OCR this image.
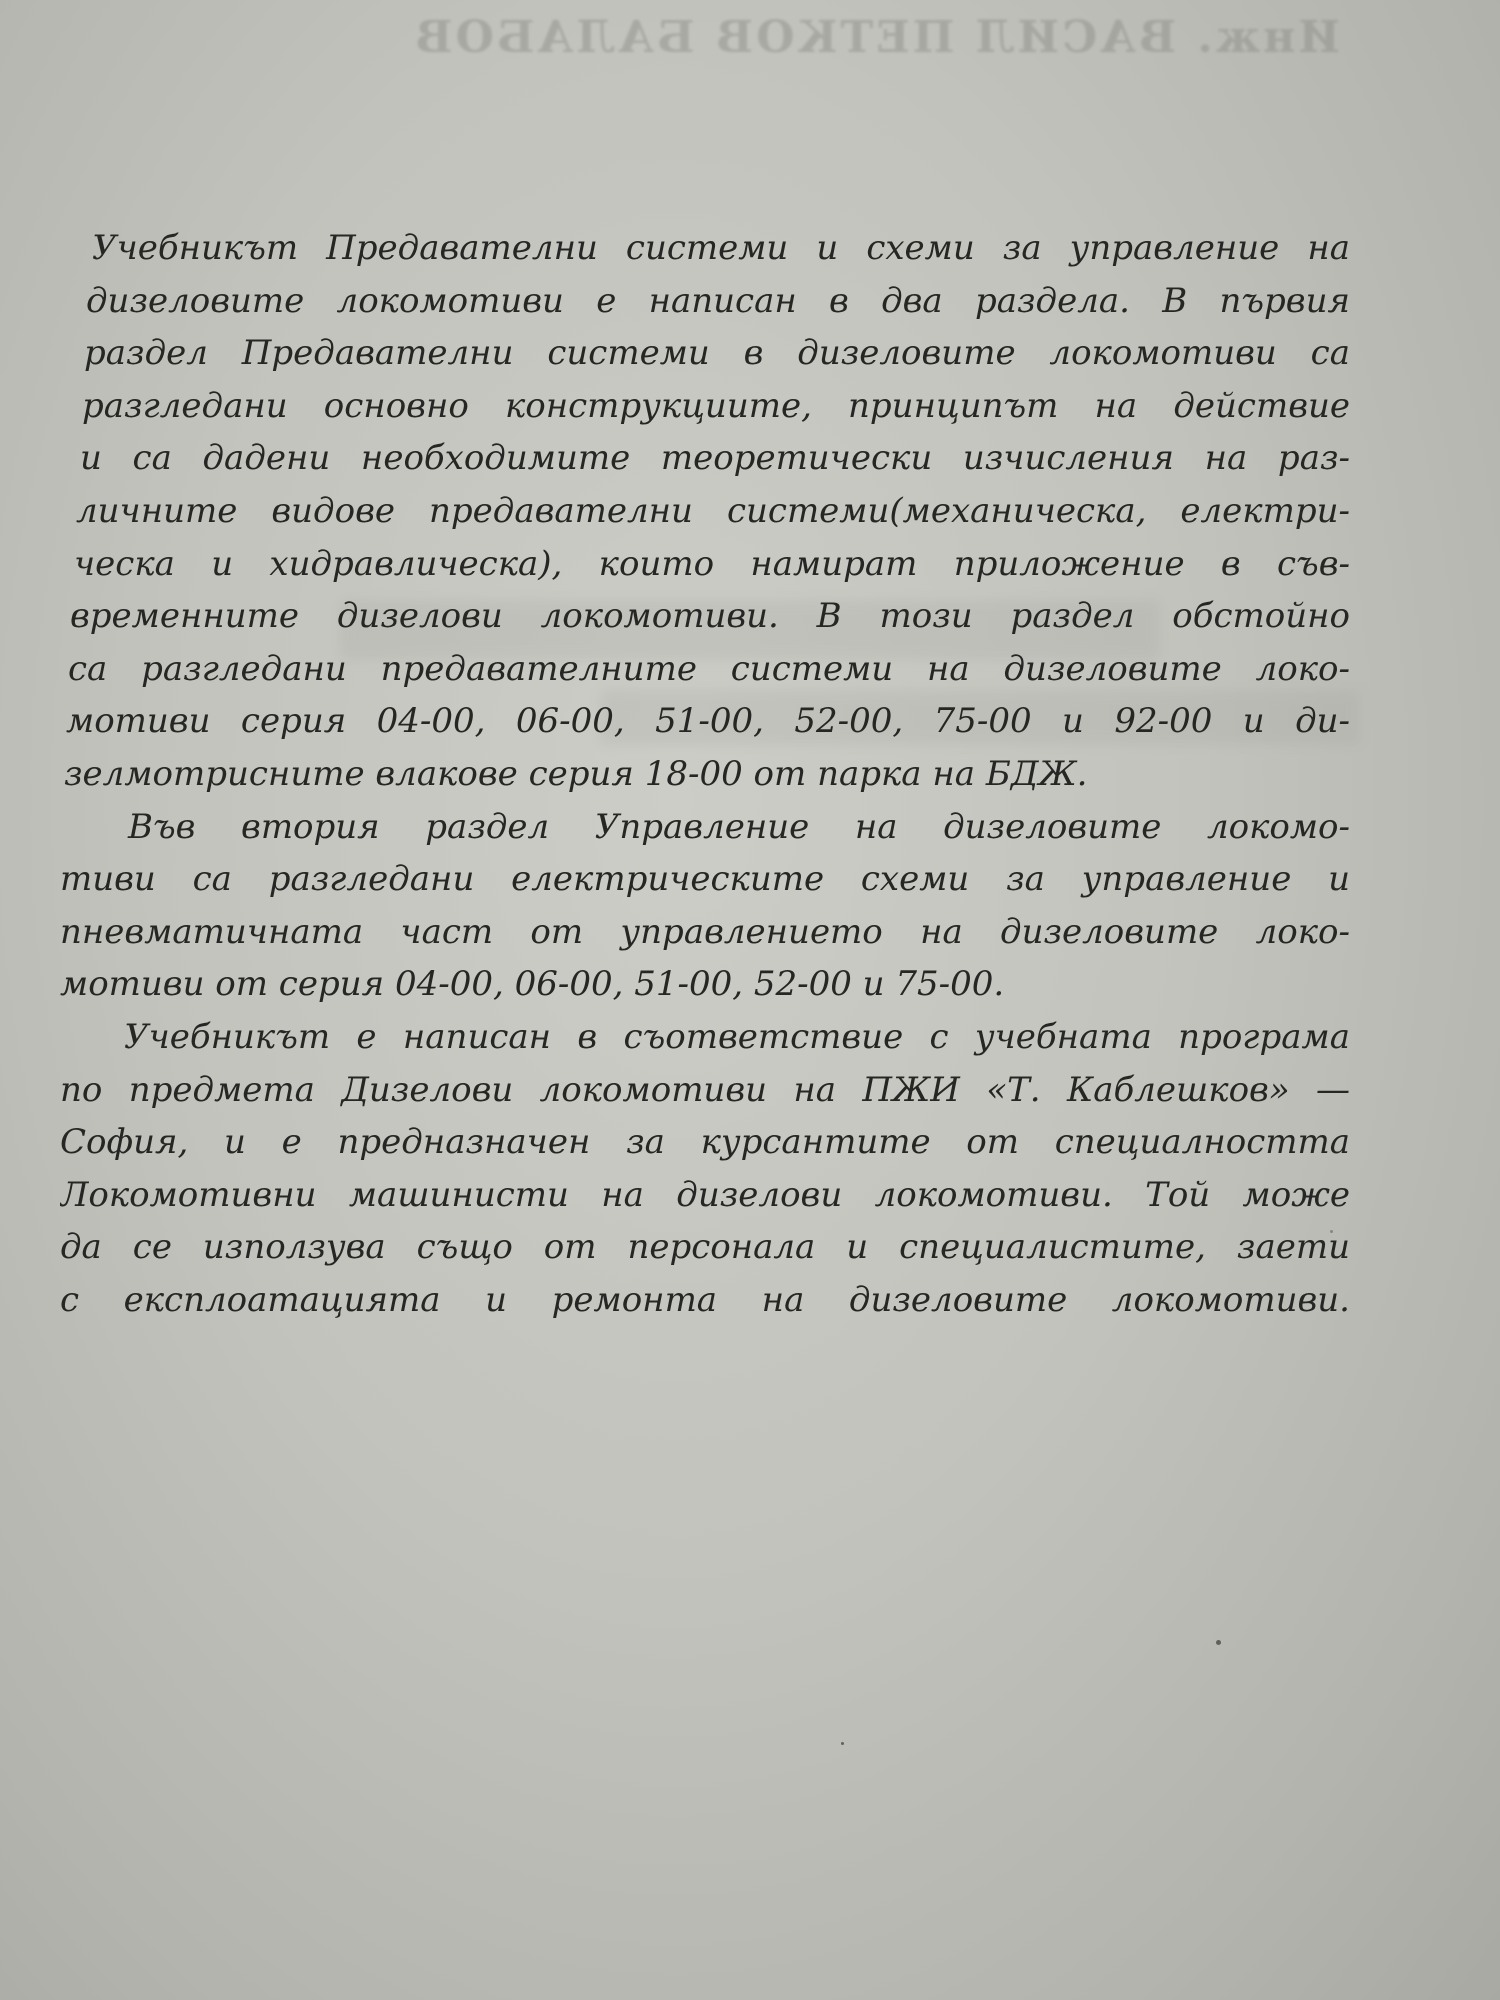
Инж. ВАСИЛ ПЕТКОВ БАЛАБОВ
Учебникът Предавателни системи и схеми за управление на
дизеловите локомотиви е написан в два раздела. В първия
раздел Предавателни системи в дизеловите локомотиви са
разгледани основно конструкциите, принципът на действие
и са дадени необходимите теоретически изчисления на раз-
личните видове предавателни системи(механическа, електри-
ческа и хидравлическа), които намират приложение в съв-
временните дизелови локомотиви. В този раздел обстойно
са разгледани предавателните системи на дизеловите локо-
мотиви серия 04-00, 06-00, 51-00, 52-00, 75-00 и 92-00 и ди-
зелмотрисните влакове серия 18-00 от парка на БДЖ.
Във втория раздел Управление на дизеловите локомо-
тиви са разгледани електрическите схеми за управление и
пневматичната част от управлението на дизеловите локо-
мотиви от серия 04-00, 06-00, 51-00, 52-00 и 75-00.
Учебникът е написан в съответствие с учебната програма
по предмета Дизелови локомотиви на ПЖИ «Т. Каблешков» —
София, и е предназначен за курсантите от специалността
Локомотивни машинисти на дизелови локомотиви. Той може
да се използува също от персонала и специалистите, заети
с експлоатацията и ремонта на дизеловите локомотиви.
